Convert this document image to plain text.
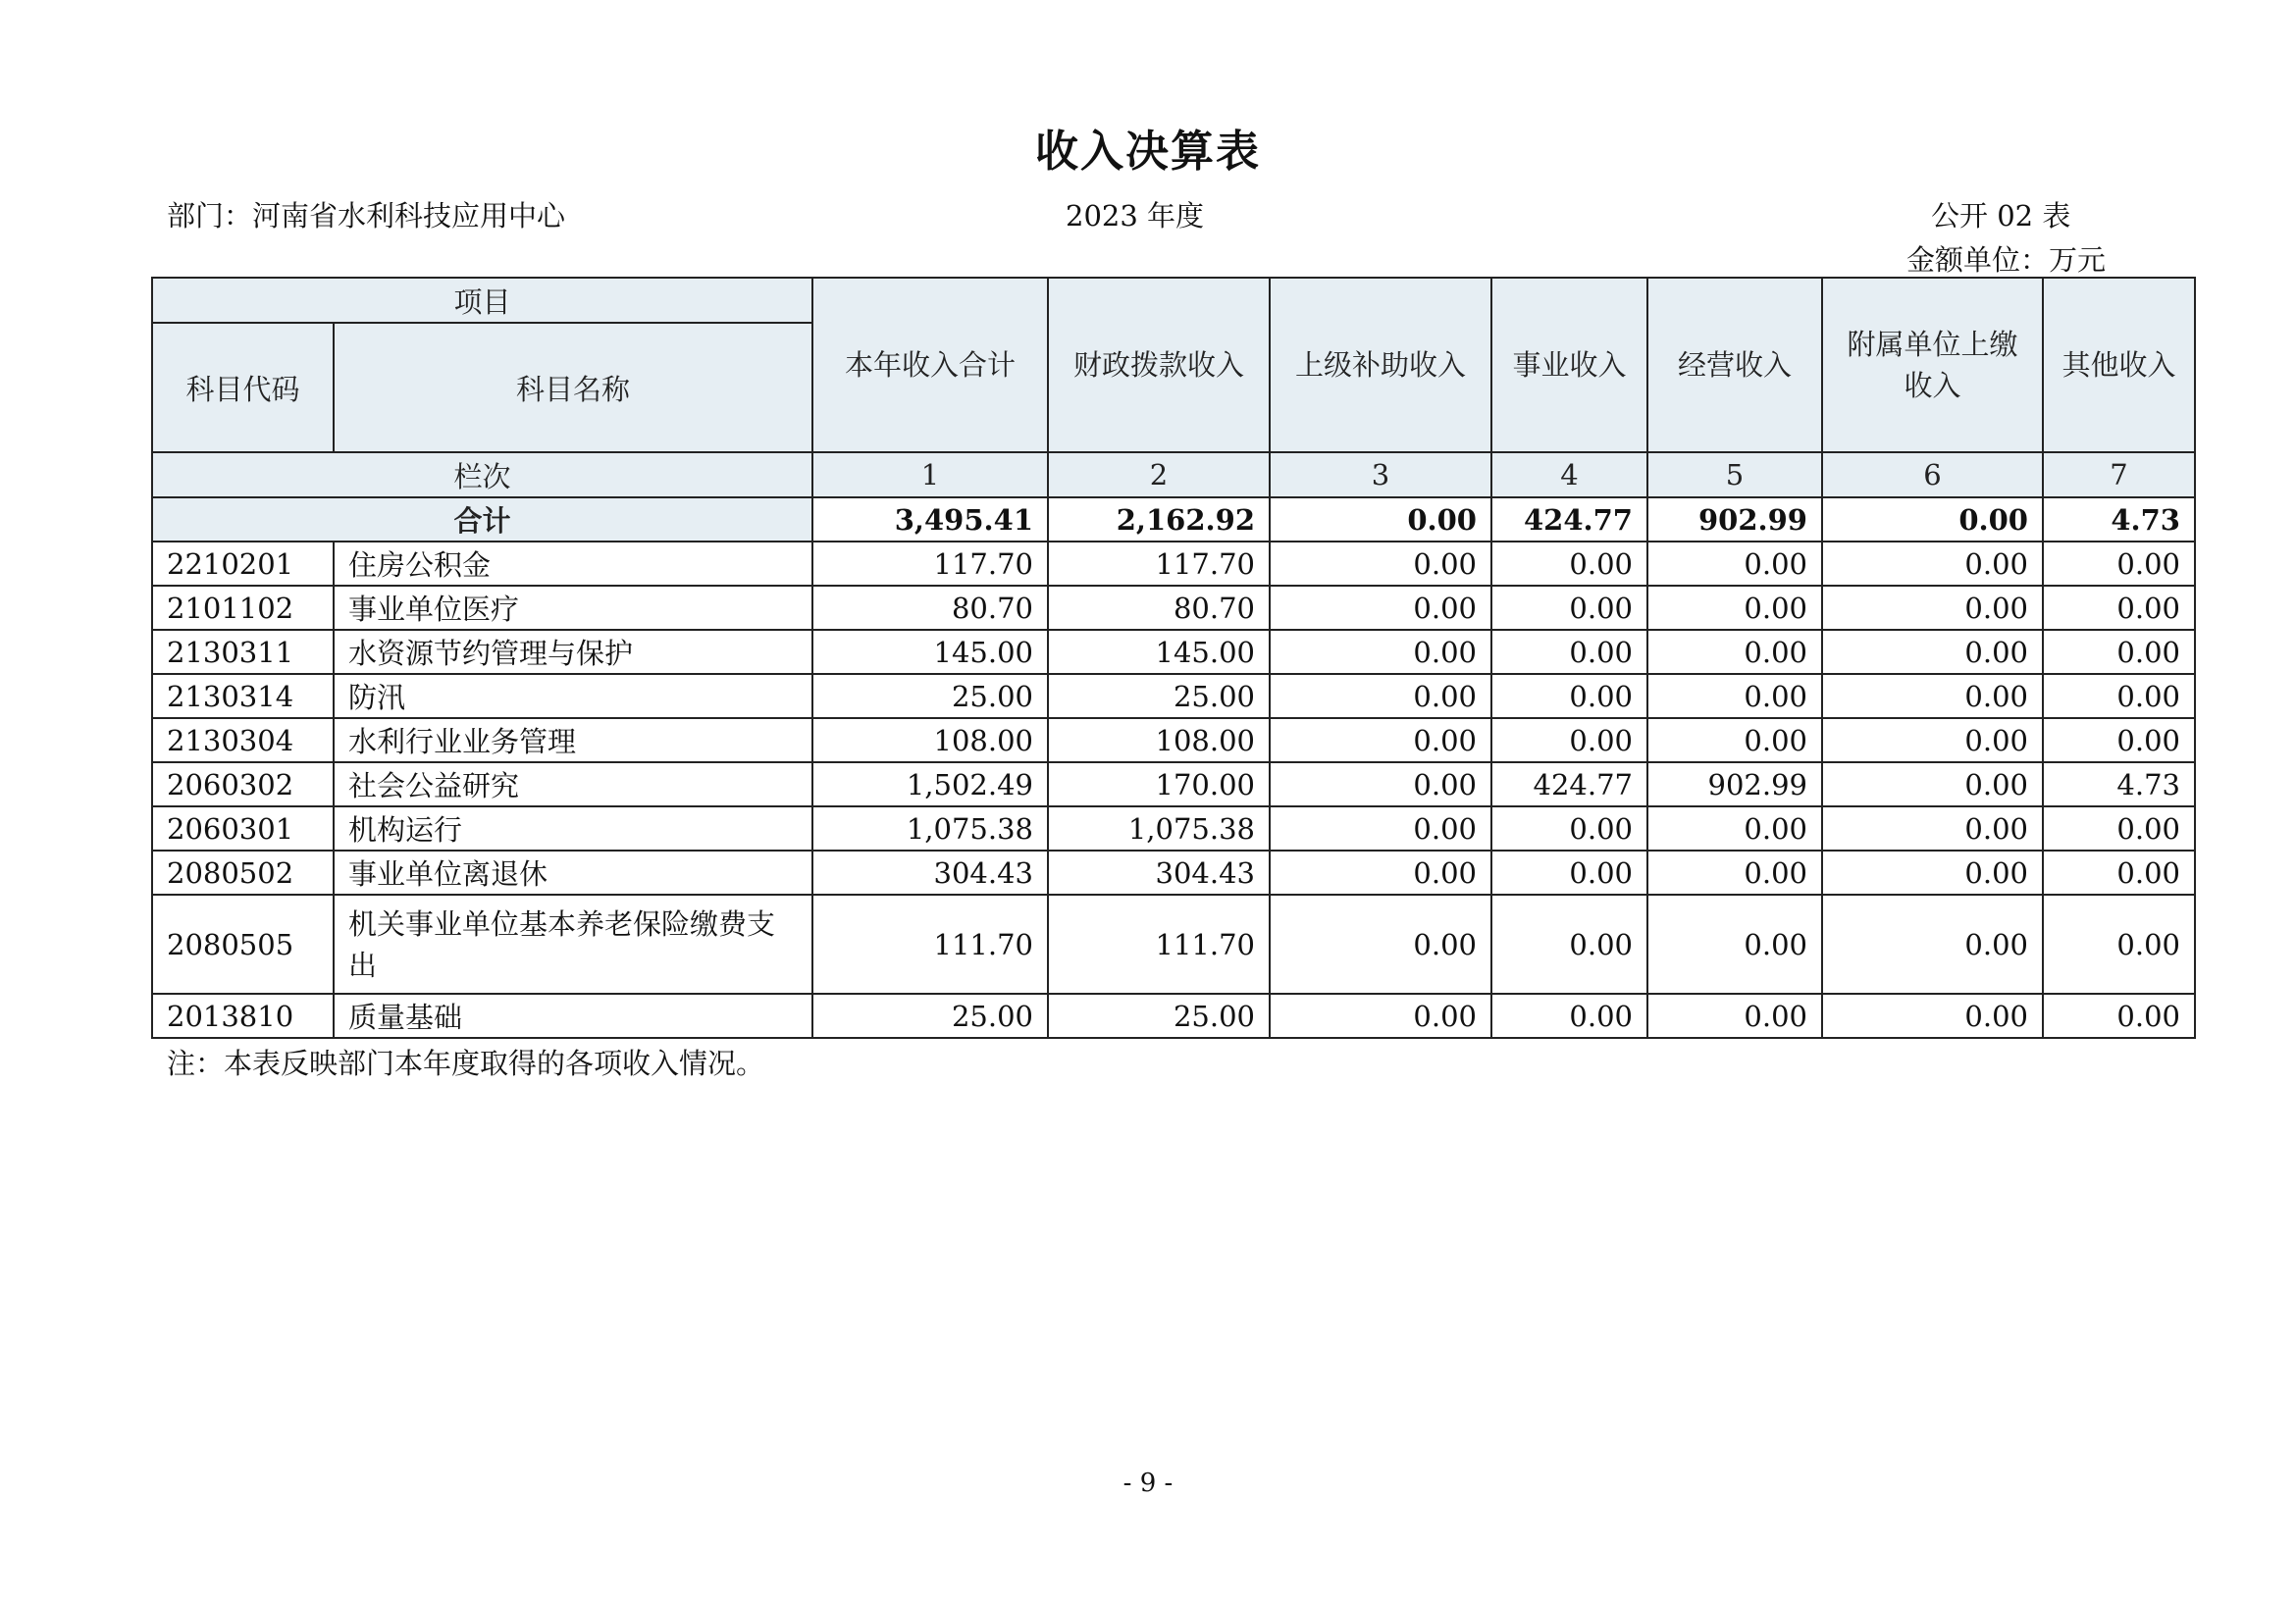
收入决算表
部门：河南省水利科技应用中心	2023 年度	公开 02 表
金额单位：万元
项目		本年收入合计	财政拨款收入	上级补助收入	事业收入	经营收入	附属单位上缴收入	其他收入
科目代码	科目名称							
栏次		1	2	3	4	5	6	7
合计		3,495.41	2,162.92	0.00	424.77	902.99	0.00	4.73
2210201	住房公积金	117.70	117.70	0.00	0.00	0.00	0.00	0.00
2101102	事业单位医疗	80.70	80.70	0.00	0.00	0.00	0.00	0.00
2130311	水资源节约管理与保护	145.00	145.00	0.00	0.00	0.00	0.00	0.00
2130314	防汛	25.00	25.00	0.00	0.00	0.00	0.00	0.00
2130304	水利行业业务管理	108.00	108.00	0.00	0.00	0.00	0.00	0.00
2060302	社会公益研究	1,502.49	170.00	0.00	424.77	902.99	0.00	4.73
2060301	机构运行	1,075.38	1,075.38	0.00	0.00	0.00	0.00	0.00
2080502	事业单位离退休	304.43	304.43	0.00	0.00	0.00	0.00	0.00
2080505	机关事业单位基本养老保险缴费支出	111.70	111.70	0.00	0.00	0.00	0.00	0.00
2013810	质量基础	25.00	25.00	0.00	0.00	0.00	0.00	0.00
注：本表反映部门本年度取得的各项收入情况。
- 9 -
